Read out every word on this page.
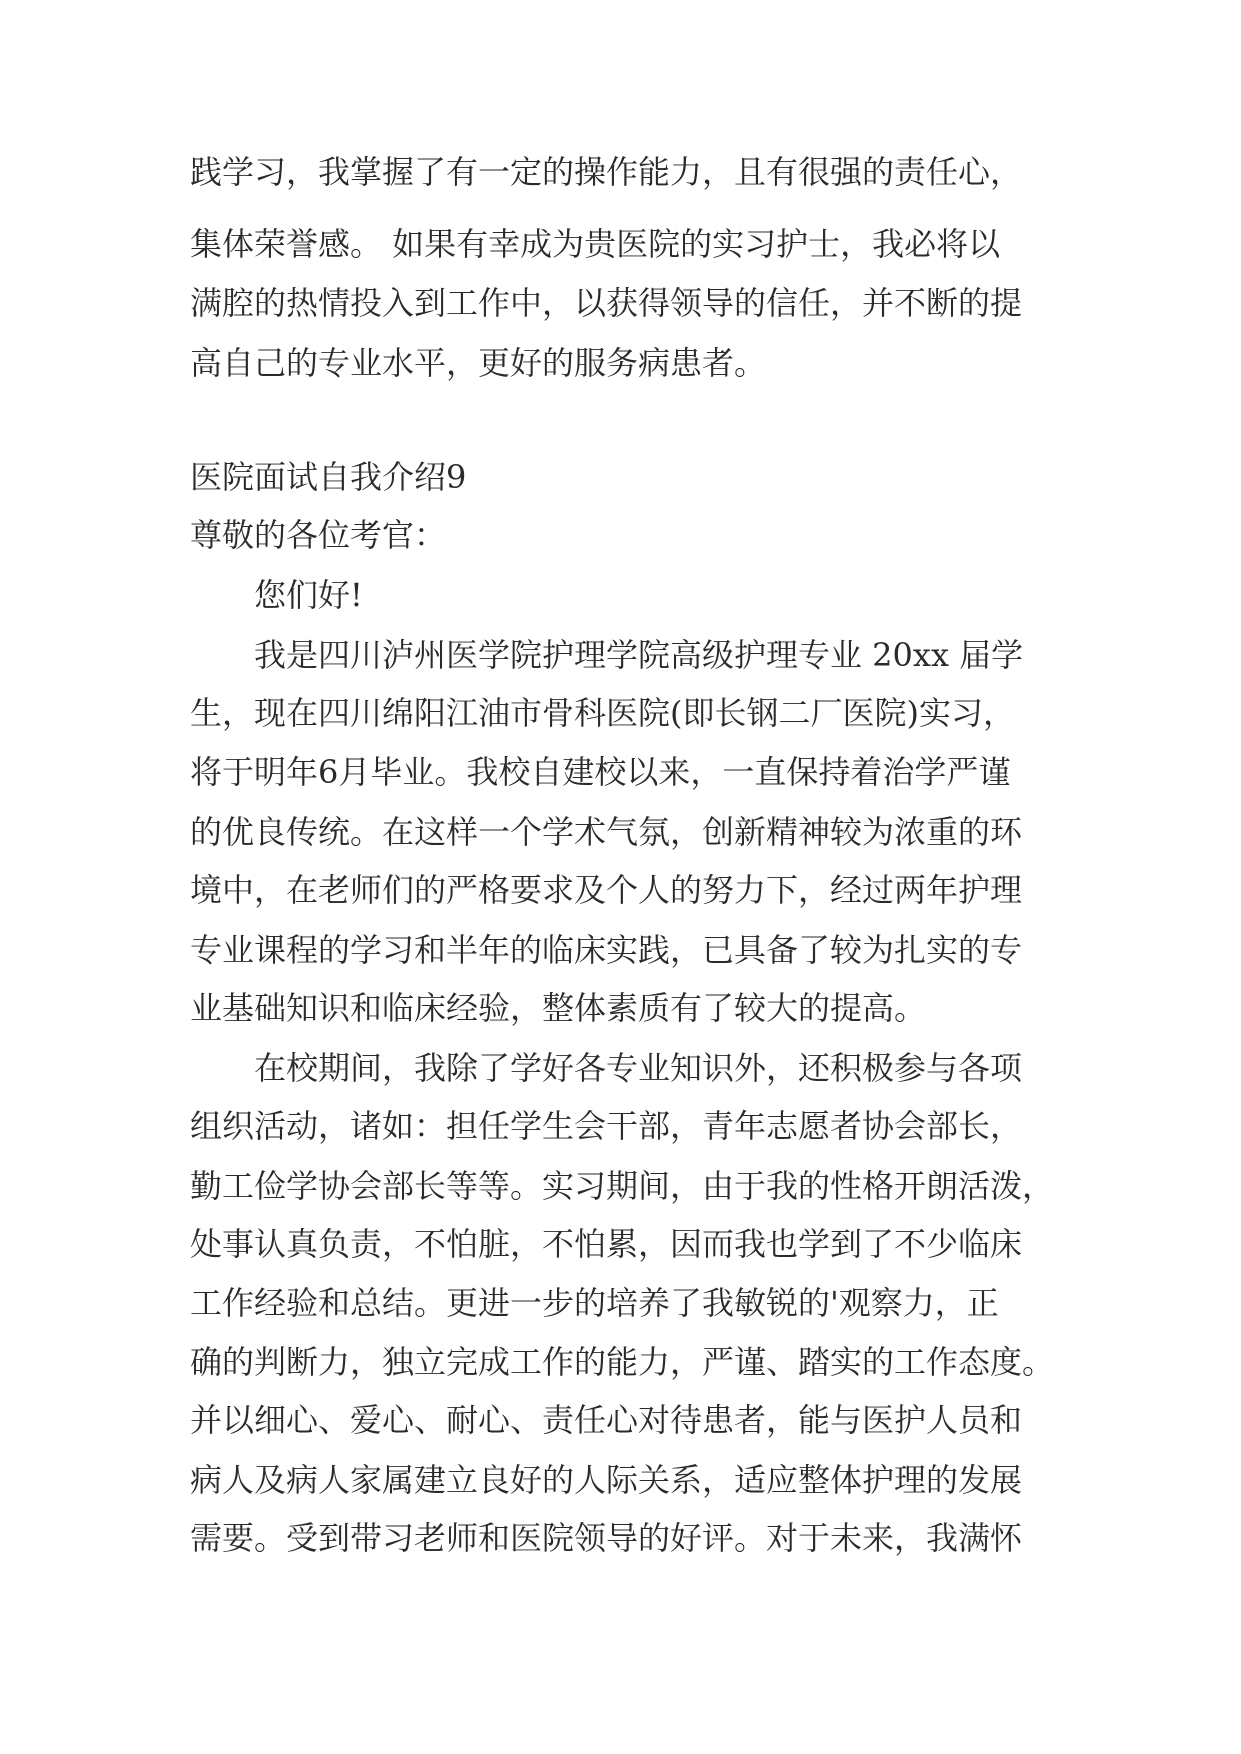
践学习，我掌握了有一定的操作能力，且有很强的责任心，
集体荣誉感。 如果有幸成为贵医院的实习护士，我必将以
满腔的热情投入到工作中，以获得领导的信任，并不断的提
高自己的专业水平，更好的服务病患者。
医院面试自我介绍9
尊敬的各位考官：
您们好!
我是四川泸州医学院护理学院高级护理专业 20xx 届学
生，现在四川绵阳江油市骨科医院(即长钢二厂医院)实习，
将于明年6月毕业。我校自建校以来，一直保持着治学严谨
的优良传统。在这样一个学术气氛，创新精神较为浓重的环
境中，在老师们的严格要求及个人的努力下，经过两年护理
专业课程的学习和半年的临床实践，已具备了较为扎实的专
业基础知识和临床经验，整体素质有了较大的提高。
在校期间，我除了学好各专业知识外，还积极参与各项
组织活动，诸如：担任学生会干部，青年志愿者协会部长，
勤工俭学协会部长等等。实习期间，由于我的性格开朗活泼，
处事认真负责，不怕脏，不怕累，因而我也学到了不少临床
工作经验和总结。更进一步的培养了我敏锐的'观察力，正
确的判断力，独立完成工作的能力，严谨、踏实的工作态度。
并以细心、爱心、耐心、责任心对待患者，能与医护人员和
病人及病人家属建立良好的人际关系，适应整体护理的发展
需要。受到带习老师和医院领导的好评。对于未来，我满怀
